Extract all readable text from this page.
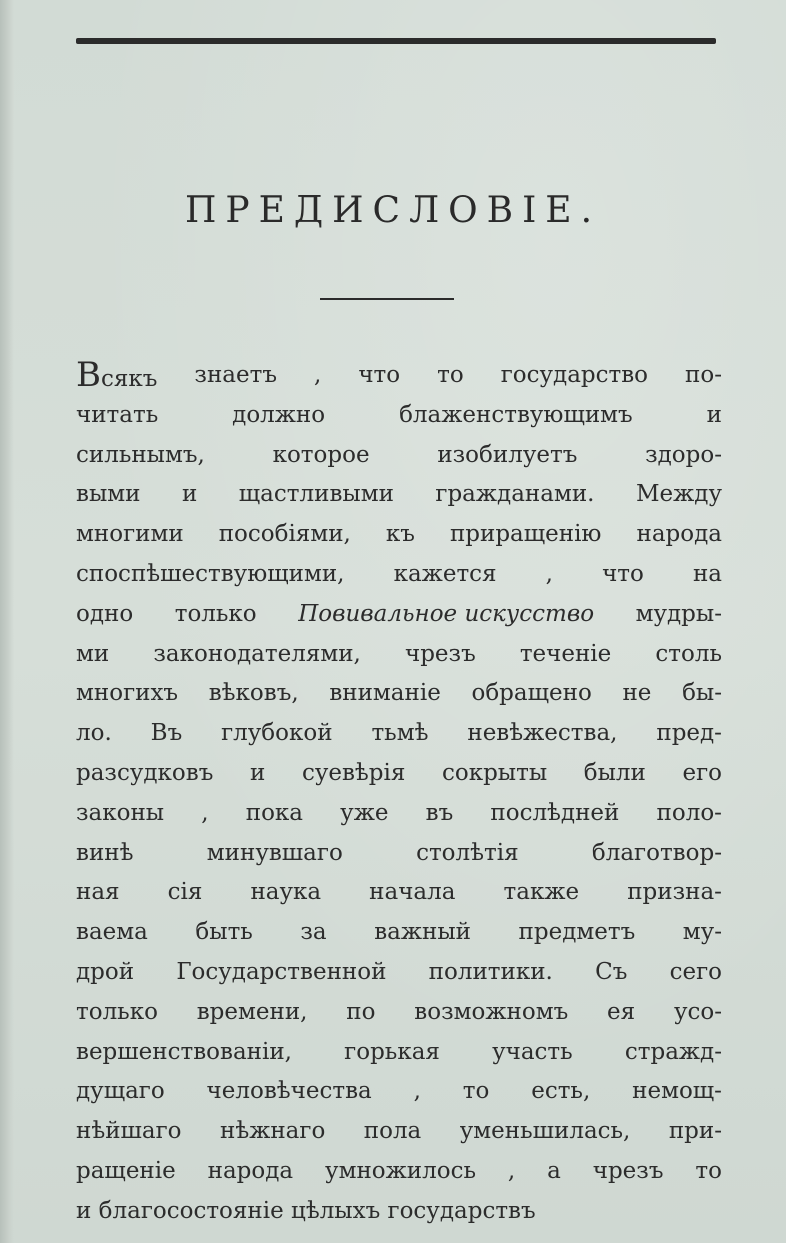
ПРЕДИСЛОВІЕ.
Всякъ знаетъ , что то государство по-
читать	должно	блаженствующимъ	и
сильнымъ,	которое	изобилуетъ	здоро-
выми и щастливыми гражданами. Между
многими пособіями, къ приращенію народа
споспѣшествующими, кажется , что на
одно только Повивальное искусство мудры-
ми законодателями, чрезъ теченіе столь
многихъ вѣковъ, вниманіе обращено не бы-
ло. Въ глубокой тьмѣ невѣжества, пред-
разсудковъ и суевѣрія сокрыты были его
законы , пока уже въ послѣдней поло-
винѣ	минувшаго	столѣтія	благотвор-
ная сія наука начала также призна-
ваема быть за важный предметъ му-
дрой Государственной политики. Съ сего
только времени, по возможномъ ея усо-
вершенствованіи, горькая участь стражд-
дущаго человѣчества , то есть, немощ-
нѣйшаго нѣжнаго пола уменьшилась, при-
ращеніе народа умножилось , а чрезъ то
и
благосостояніе
цѣлыхъ
государствъ
